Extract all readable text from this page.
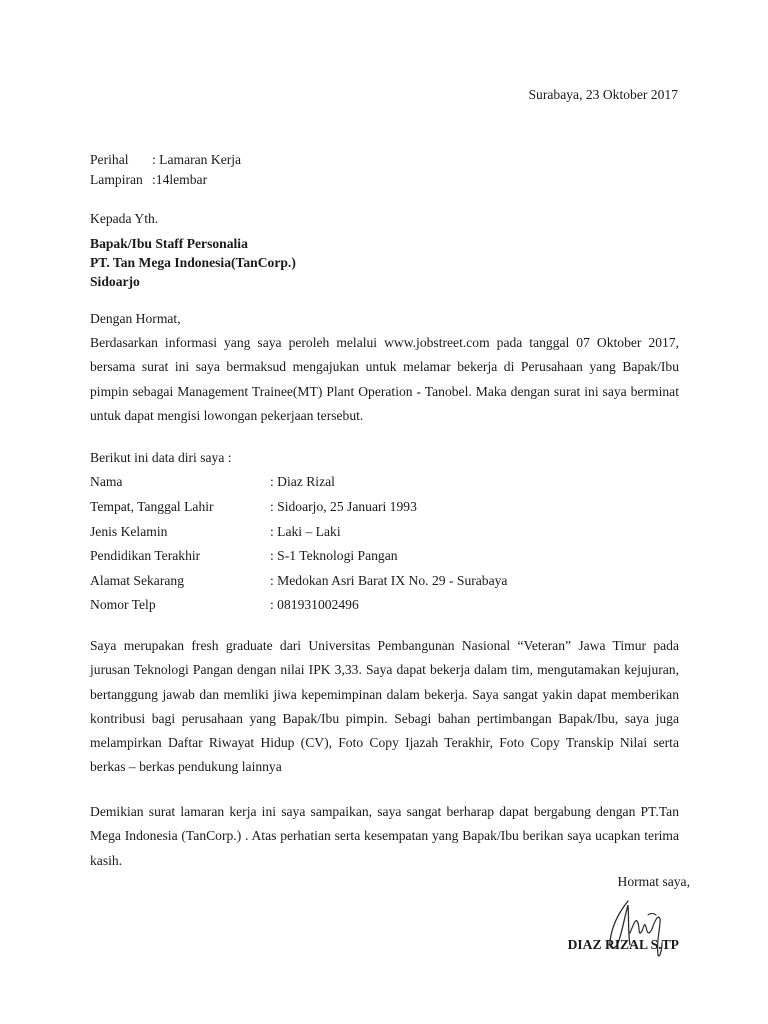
Surabaya, 23 Oktober 2017
Perihal : Lamaran Kerja
Lampiran :14lembar
Kepada Yth.
Bapak/Ibu Staff Personalia
PT. Tan Mega Indonesia(TanCorp.)
Sidoarjo
Dengan Hormat,
Berdasarkan informasi yang saya peroleh melalui www.jobstreet.com pada tanggal 07 Oktober 2017, bersama surat ini saya bermaksud mengajukan untuk melamar bekerja di Perusahaan yang Bapak/Ibu pimpin sebagai Management Trainee(MT) Plant Operation - Tanobel. Maka dengan surat ini saya berminat untuk dapat mengisi lowongan pekerjaan tersebut.
Berikut ini data diri saya :
Nama	: Diaz Rizal
Tempat, Tanggal Lahir	: Sidoarjo, 25 Januari 1993
Jenis Kelamin	: Laki – Laki
Pendidikan Terakhir	: S-1 Teknologi Pangan
Alamat Sekarang	: Medokan Asri Barat IX No. 29 - Surabaya
Nomor Telp	: 081931002496
Saya merupakan fresh graduate dari Universitas Pembangunan Nasional “Veteran” Jawa Timur pada jurusan Teknologi Pangan dengan nilai IPK 3,33. Saya dapat bekerja dalam tim, mengutamakan kejujuran, bertanggung jawab dan memliki jiwa kepemimpinan dalam bekerja. Saya sangat yakin dapat memberikan kontribusi bagi perusahaan yang Bapak/Ibu pimpin. Sebagi bahan pertimbangan Bapak/Ibu, saya juga melampirkan Daftar Riwayat Hidup (CV), Foto Copy Ijazah Terakhir, Foto Copy Transkip Nilai serta berkas – berkas pendukung lainnya
Demikian surat lamaran kerja ini saya sampaikan, saya sangat berharap dapat bergabung dengan PT.Tan Mega Indonesia (TanCorp.) . Atas perhatian serta kesempatan yang Bapak/Ibu berikan saya ucapkan terima kasih.
Hormat saya,
DIAZ RIZAL S.TP
